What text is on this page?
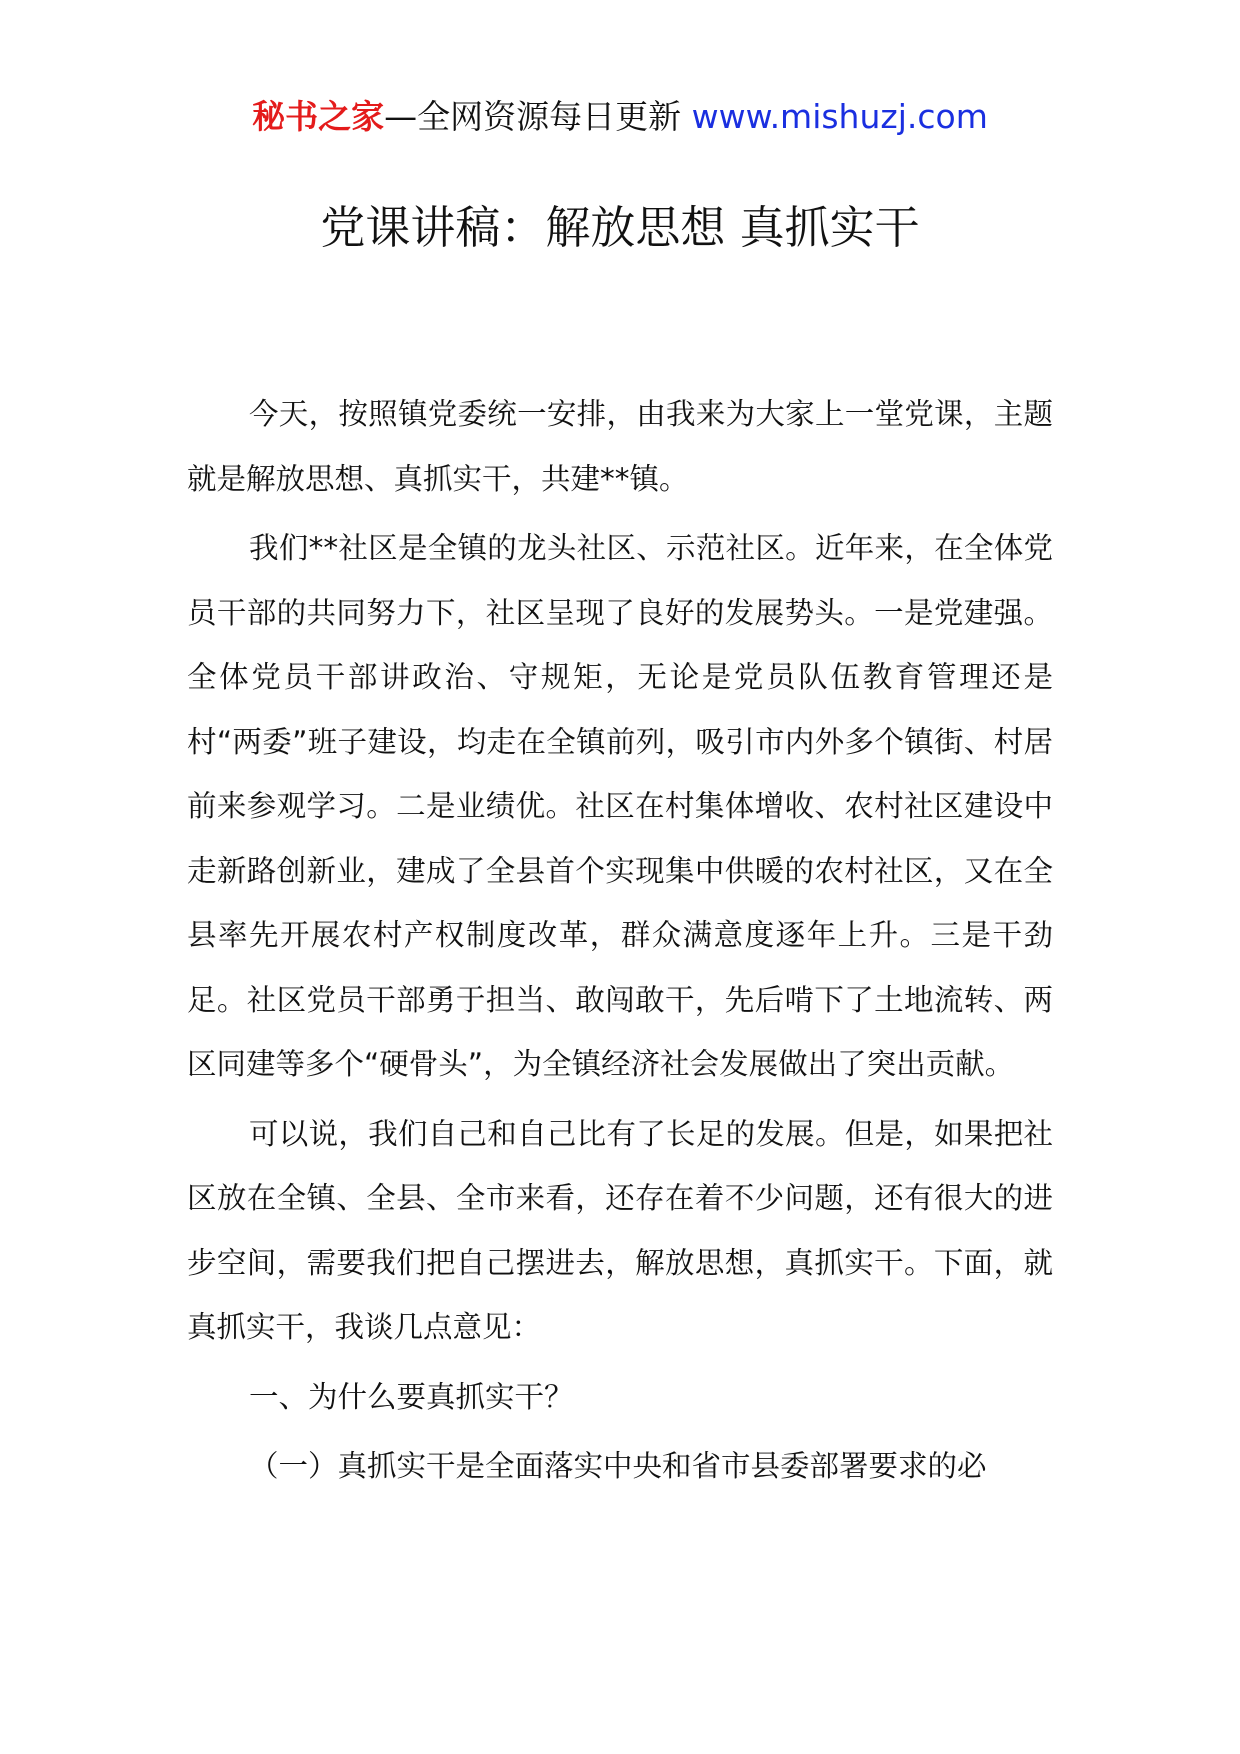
秘书之家—全网资源每日更新 www.mishuzj.com
党课讲稿：解放思想 真抓实干

今天，按照镇党委统一安排，由我来为大家上一堂党课，主题就是解放思想、真抓实干，共建**镇。

我们**社区是全镇的龙头社区、示范社区。近年来，在全体党员干部的共同努力下，社区呈现了良好的发展势头。一是党建强。全体党员干部讲政治、守规矩，无论是党员队伍教育管理还是村“两委”班子建设，均走在全镇前列，吸引市内外多个镇街、村居前来参观学习。二是业绩优。社区在村集体增收、农村社区建设中走新路创新业，建成了全县首个实现集中供暖的农村社区，又在全县率先开展农村产权制度改革，群众满意度逐年上升。三是干劲足。社区党员干部勇于担当、敢闯敢干，先后啃下了土地流转、两区同建等多个“硬骨头”，为全镇经济社会发展做出了突出贡献。

可以说，我们自己和自己比有了长足的发展。但是，如果把社区放在全镇、全县、全市来看，还存在着不少问题，还有很大的进步空间，需要我们把自己摆进去，解放思想，真抓实干。下面，就真抓实干，我谈几点意见：

一、为什么要真抓实干？

（一）真抓实干是全面落实中央和省市县委部署要求的必
